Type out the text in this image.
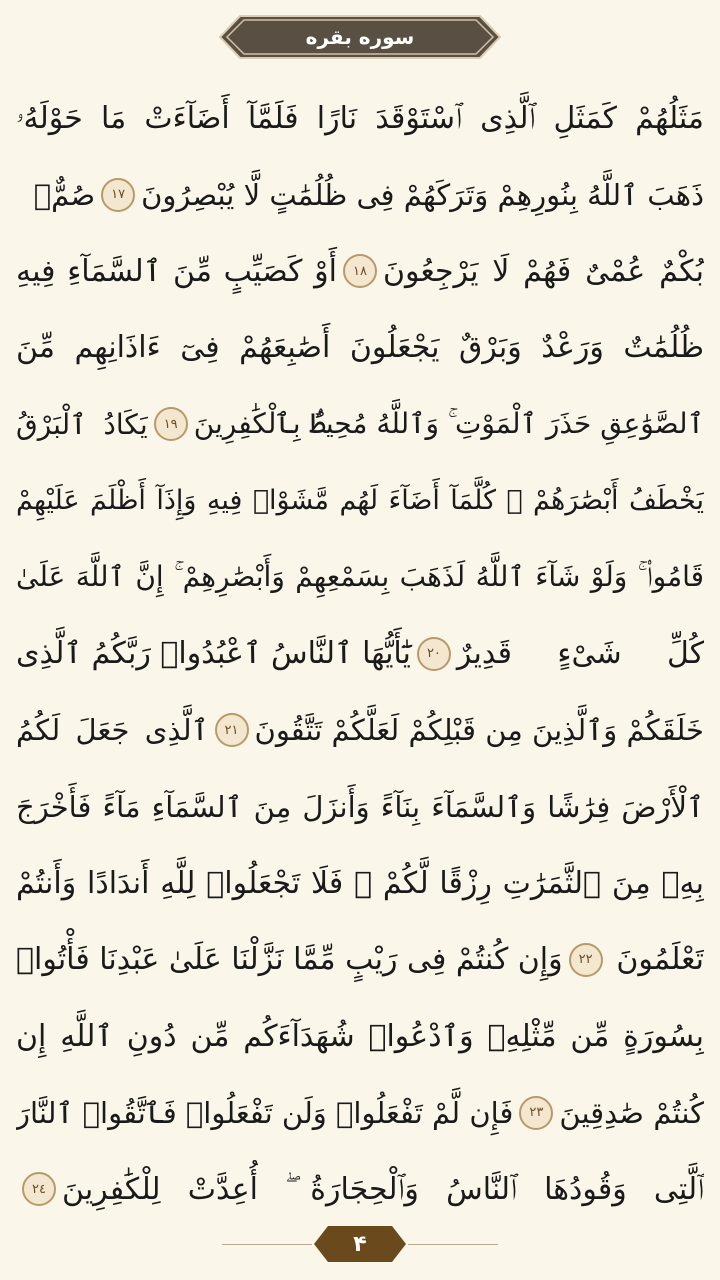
سوره بقره
مَثَلُهُمْ كَمَثَلِ ٱلَّذِى ٱسْتَوْقَدَ نَارًا فَلَمَّآ أَضَآءَتْ مَا حَوْلَهُۥ
ذَهَبَ ٱللَّهُ بِنُورِهِمْ وَتَرَكَهُمْ فِى ظُلُمَٰتٍ لَّا يُبْصِرُونَ
١٧
صُمٌّۢ
بُكْمٌ عُمْىٌ فَهُمْ لَا يَرْجِعُونَ
١٨
أَوْ كَصَيِّبٍ مِّنَ ٱلسَّمَآءِ فِيهِ
ظُلُمَٰتٌ وَرَعْدٌ وَبَرْقٌ يَجْعَلُونَ أَصَٰبِعَهُمْ فِىٓ ءَاذَانِهِم مِّنَ
ٱلصَّوَٰعِقِ حَذَرَ ٱلْمَوْتِ ۚ وَٱللَّهُ مُحِيطٌۢ بِٱلْكَٰفِرِينَ
١٩
يَكَادُ ٱلْبَرْقُ
يَخْطَفُ أَبْصَٰرَهُمْ ۖ كُلَّمَآ أَضَآءَ لَهُم مَّشَوْا۟ فِيهِ وَإِذَآ أَظْلَمَ عَلَيْهِمْ
قَامُوا۟ ۚ وَلَوْ شَآءَ ٱللَّهُ لَذَهَبَ بِسَمْعِهِمْ وَأَبْصَٰرِهِمْ ۚ إِنَّ ٱللَّهَ عَلَىٰ
كُلِّ شَىْءٍ قَدِيرٌ
٢٠
يَٰٓأَيُّهَا ٱلنَّاسُ ٱعْبُدُوا۟ رَبَّكُمُ ٱلَّذِى
خَلَقَكُمْ وَٱلَّذِينَ مِن قَبْلِكُمْ لَعَلَّكُمْ تَتَّقُونَ
٢١
ٱلَّذِى جَعَلَ لَكُمُ
ٱلْأَرْضَ فِرَٰشًا وَٱلسَّمَآءَ بِنَآءً وَأَنزَلَ مِنَ ٱلسَّمَآءِ مَآءً فَأَخْرَجَ
بِهِۦ مِنَ ٱلثَّمَرَٰتِ رِزْقًا لَّكُمْ ۖ فَلَا تَجْعَلُوا۟ لِلَّهِ أَندَادًا وَأَنتُمْ
تَعْلَمُونَ
٢٢
وَإِن كُنتُمْ فِى رَيْبٍ مِّمَّا نَزَّلْنَا عَلَىٰ عَبْدِنَا فَأْتُوا۟
بِسُورَةٍ مِّن مِّثْلِهِۦ وَٱدْعُوا۟ شُهَدَآءَكُم مِّن دُونِ ٱللَّهِ إِن
كُنتُمْ صَٰدِقِينَ
٢٣
فَإِن لَّمْ تَفْعَلُوا۟ وَلَن تَفْعَلُوا۟ فَٱتَّقُوا۟ ٱلنَّارَ
ٱلَّتِى وَقُودُهَا ٱلنَّاسُ وَٱلْحِجَارَةُ ۖ أُعِدَّتْ لِلْكَٰفِرِينَ
٢٤
۴
